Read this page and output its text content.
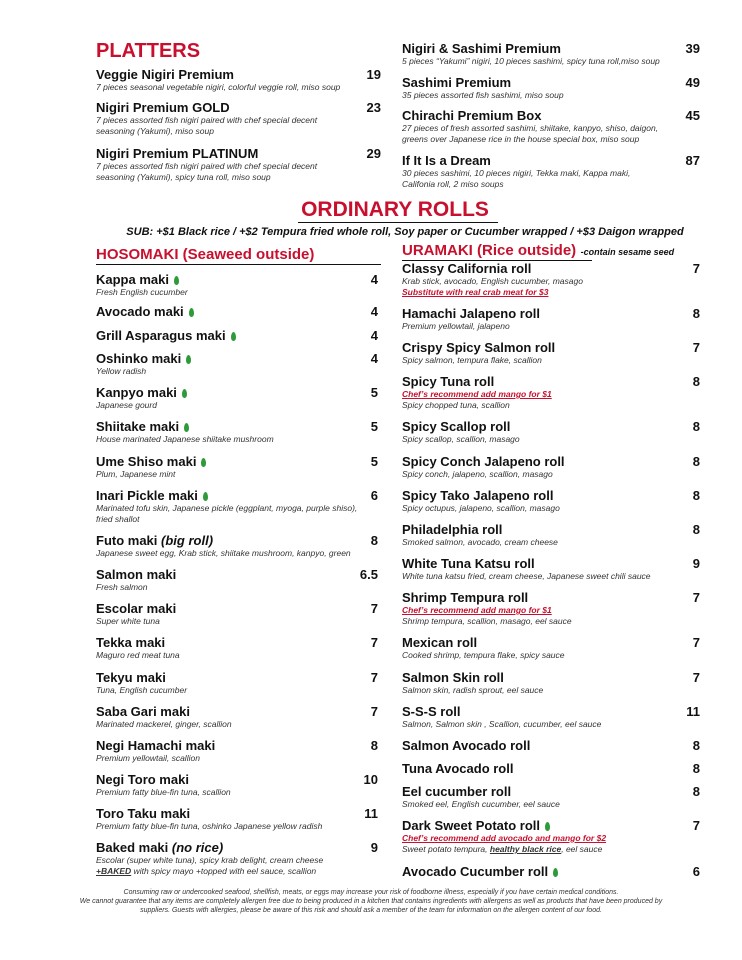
PLATTERS
Veggie Nigiri Premium	19
7 pieces seasonal vegetable nigiri, colorful veggie roll, miso soup
Nigiri Premium GOLD	23
7 pieces assorted fish nigiri paired with chef special decent
seasoning (Yakumi), miso soup
Nigiri Premium PLATINUM	29
7 pieces assorted fish nigiri paired with chef special decent
seasoning (Yakumi), spicy tuna roll, miso soup
Nigiri & Sashimi Premium	39
5 pieces “Yakumi” nigiri, 10 pieces sashimi, spicy tuna roll,miso soup
Sashimi Premium	49
35 pieces assorted fish sashimi, miso soup
Chirachi Premium Box	45
27 pieces of fresh assorted sashimi, shiitake, kanpyo, shiso, daigon,
greens over Japanese rice in the house special box, miso soup
If It Is a Dream	87
30 pieces sashimi, 10 pieces nigiri, Tekka maki, Kappa maki,
Califonia roll, 2 miso soups
ORDINARY ROLLS
SUB: +$1 Black rice / +$2 Tempura fried whole roll, Soy paper or Cucumber wrapped / +$3 Daigon wrapped
HOSOMAKI (Seaweed outside)
Kappa maki	4
Fresh English cucumber
Avocado maki	4
Grill Asparagus maki	4
Oshinko maki	4
Yellow radish
Kanpyo maki	5
Japanese gourd
Shiitake maki	5
House marinated Japanese shiitake mushroom
Ume Shiso maki	5
Plum, Japanese mint
Inari Pickle maki	6
Marinated tofu skin, Japanese pickle (eggplant, myoga, purple shiso),
fried shallot
Futo maki (big roll)	8
Japanese sweet egg, Krab stick, shiitake mushroom, kanpyo, green
Salmon maki	6.5
Fresh salmon
Escolar maki	7
Super white tuna
Tekka maki	7
Maguro red meat tuna
Tekyu maki	7
Tuna, English cucumber
Saba Gari maki	7
Marinated mackerel, ginger, scallion
Negi Hamachi maki	8
Premium yellowtail, scallion
Negi Toro maki	10
Premium fatty blue-fin tuna, scallion
Toro Taku maki	11
Premium fatty blue-fin tuna, oshinko Japanese yellow radish
Baked maki (no rice)	9
Escolar (super white tuna), spicy krab delight, cream cheese
+BAKED with spicy mayo +topped with eel sauce, scallion
URAMAKI (Rice outside) -contain sesame seed
Classy California roll	7
Krab stick, avocado, English cucumber, masago
Substitute with real crab meat for $3
Hamachi Jalapeno roll	8
Premium yellowtail, jalapeno
Crispy Spicy Salmon roll	7
Spicy salmon, tempura flake, scallion
Spicy Tuna roll	8
Chef’s recommend add mango for $1
Spicy chopped tuna, scallion
Spicy Scallop roll	8
Spicy scallop, scallion, masago
Spicy Conch Jalapeno roll	8
Spicy conch, jalapeno, scallion, masago
Spicy Tako Jalapeno roll	8
Spicy octupus, jalapeno, scallion, masago
Philadelphia roll	8
Smoked salmon, avocado, cream cheese
White Tuna Katsu roll	9
White tuna katsu fried, cream cheese, Japanese sweet chili sauce
Shrimp Tempura roll	7
Chef’s recommend add mango for $1
Shrimp tempura, scallion, masago, eel sauce
Mexican roll	7
Cooked shrimp, tempura flake, spicy sauce
Salmon Skin roll	7
Salmon skin, radish sprout, eel sauce
S-S-S roll	11
Salmon, Salmon skin , Scallion, cucumber, eel sauce
Salmon Avocado roll	8
Tuna Avocado roll	8
Eel cucumber roll	8
Smoked eel, English cucumber, eel sauce
Dark Sweet Potato roll	7
Chef’s recommend add avocado and mango for $2
Sweet potato tempura, healthy black rice, eel sauce
Avocado Cucumber roll	6
Consuming raw or undercooked seafood, shellfish, meats, or eggs may increase your risk of foodborne illness, especially if you have certain medical conditions.
We cannot guarantee that any items are completely allergen free due to being produced in a kitchen that contains ingredients with allergens as well as products that have been produced by
suppliers. Guests with allergies, please be aware of this risk and should ask a member of the team for information on the allergen content of our food.
